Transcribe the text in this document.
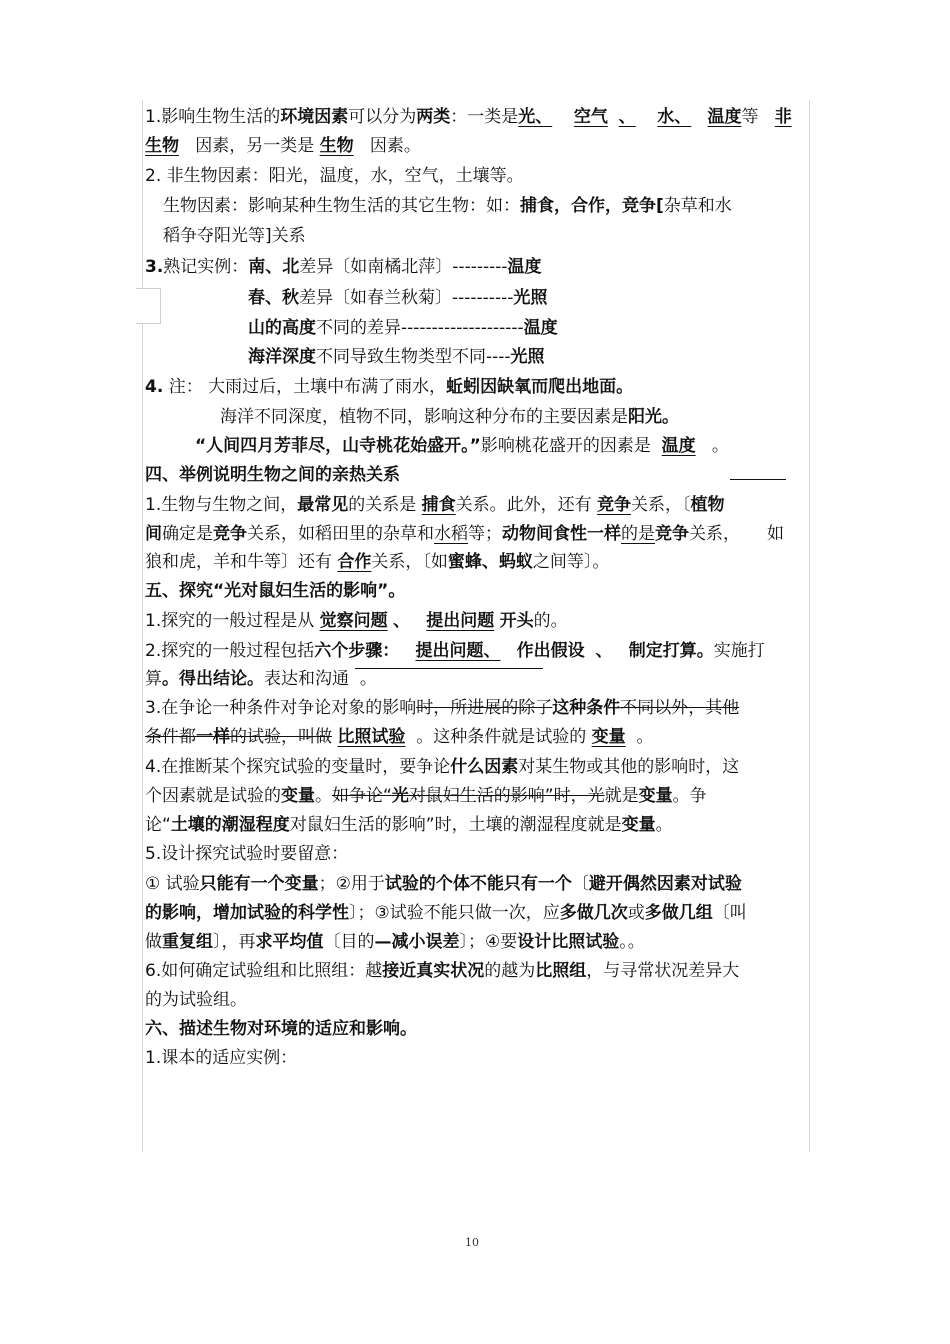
1.影响生物生活的环境因素可以分为两类：一类是光、 空气 、 水、 温度等 非
生物 因素，另一类是 生物 因素。
2. 非生物因素：阳光，温度，水，空气，土壤等。
生物因素：影响某种生物生活的其它生物：如：捕食，合作，竞争[杂草和水
稻争夺阳光等]关系
3.熟记实例：南、北差异〔如南橘北萍〕---------温度
春、秋差异〔如春兰秋菊〕----------光照
山的高度不同的差异--------------------温度
海洋深度不同导致生物类型不同----光照
4. 注： 大雨过后，土壤中布满了雨水，蚯蚓因缺氧而爬出地面。
海洋不同深度，植物不同，影响这种分布的主要因素是阳光。
“人间四月芳菲尽，山寺桃花始盛开。”影响桃花盛开的因素是 温度 。
四、举例说明生物之间的亲热关系
1.生物与生物之间，最常见的关系是 捕食关系。此外，还有 竞争关系，〔植物
间确定是竞争关系，如稻田里的杂草和水稻等；动物间食性一样的是竞争关系， 如
狼和虎，羊和牛等〕还有 合作关系，〔如蜜蜂、蚂蚁之间等〕。
五、探究“光对鼠妇生活的影响”。
1.探究的一般过程是从 觉察问题 、 提出问题 开头的。
2.探究的一般过程包括六个步骤： 提出问题、 作出假设 、 制定打算。实施打
算。得出结论。表达和沟通 。
3.在争论一种条件对争论对象的影响时，所进展的除了这种条件不同以外，其他
条件都一样的试验，叫做 比照试验 。这种条件就是试验的 变量 。
4.在推断某个探究试验的变量时，要争论什么因素对某生物或其他的影响时，这
个因素就是试验的变量。如争论“光对鼠妇生活的影响”时，光就是变量。争
论“土壤的潮湿程度对鼠妇生活的影响”时，土壤的潮湿程度就是变量。
5.设计探究试验时要留意：
① 试验只能有一个变量；②用于试验的个体不能只有一个〔避开偶然因素对试验
的影响，增加试验的科学性〕；③试验不能只做一次，应多做几次或多做几组〔叫
做重复组〕，再求平均值〔目的—减小误差〕；④要设计比照试验。。
6.如何确定试验组和比照组：越接近真实状况的越为比照组，与寻常状况差异大
的为试验组。
六、描述生物对环境的适应和影响。
1.课本的适应实例：
10
